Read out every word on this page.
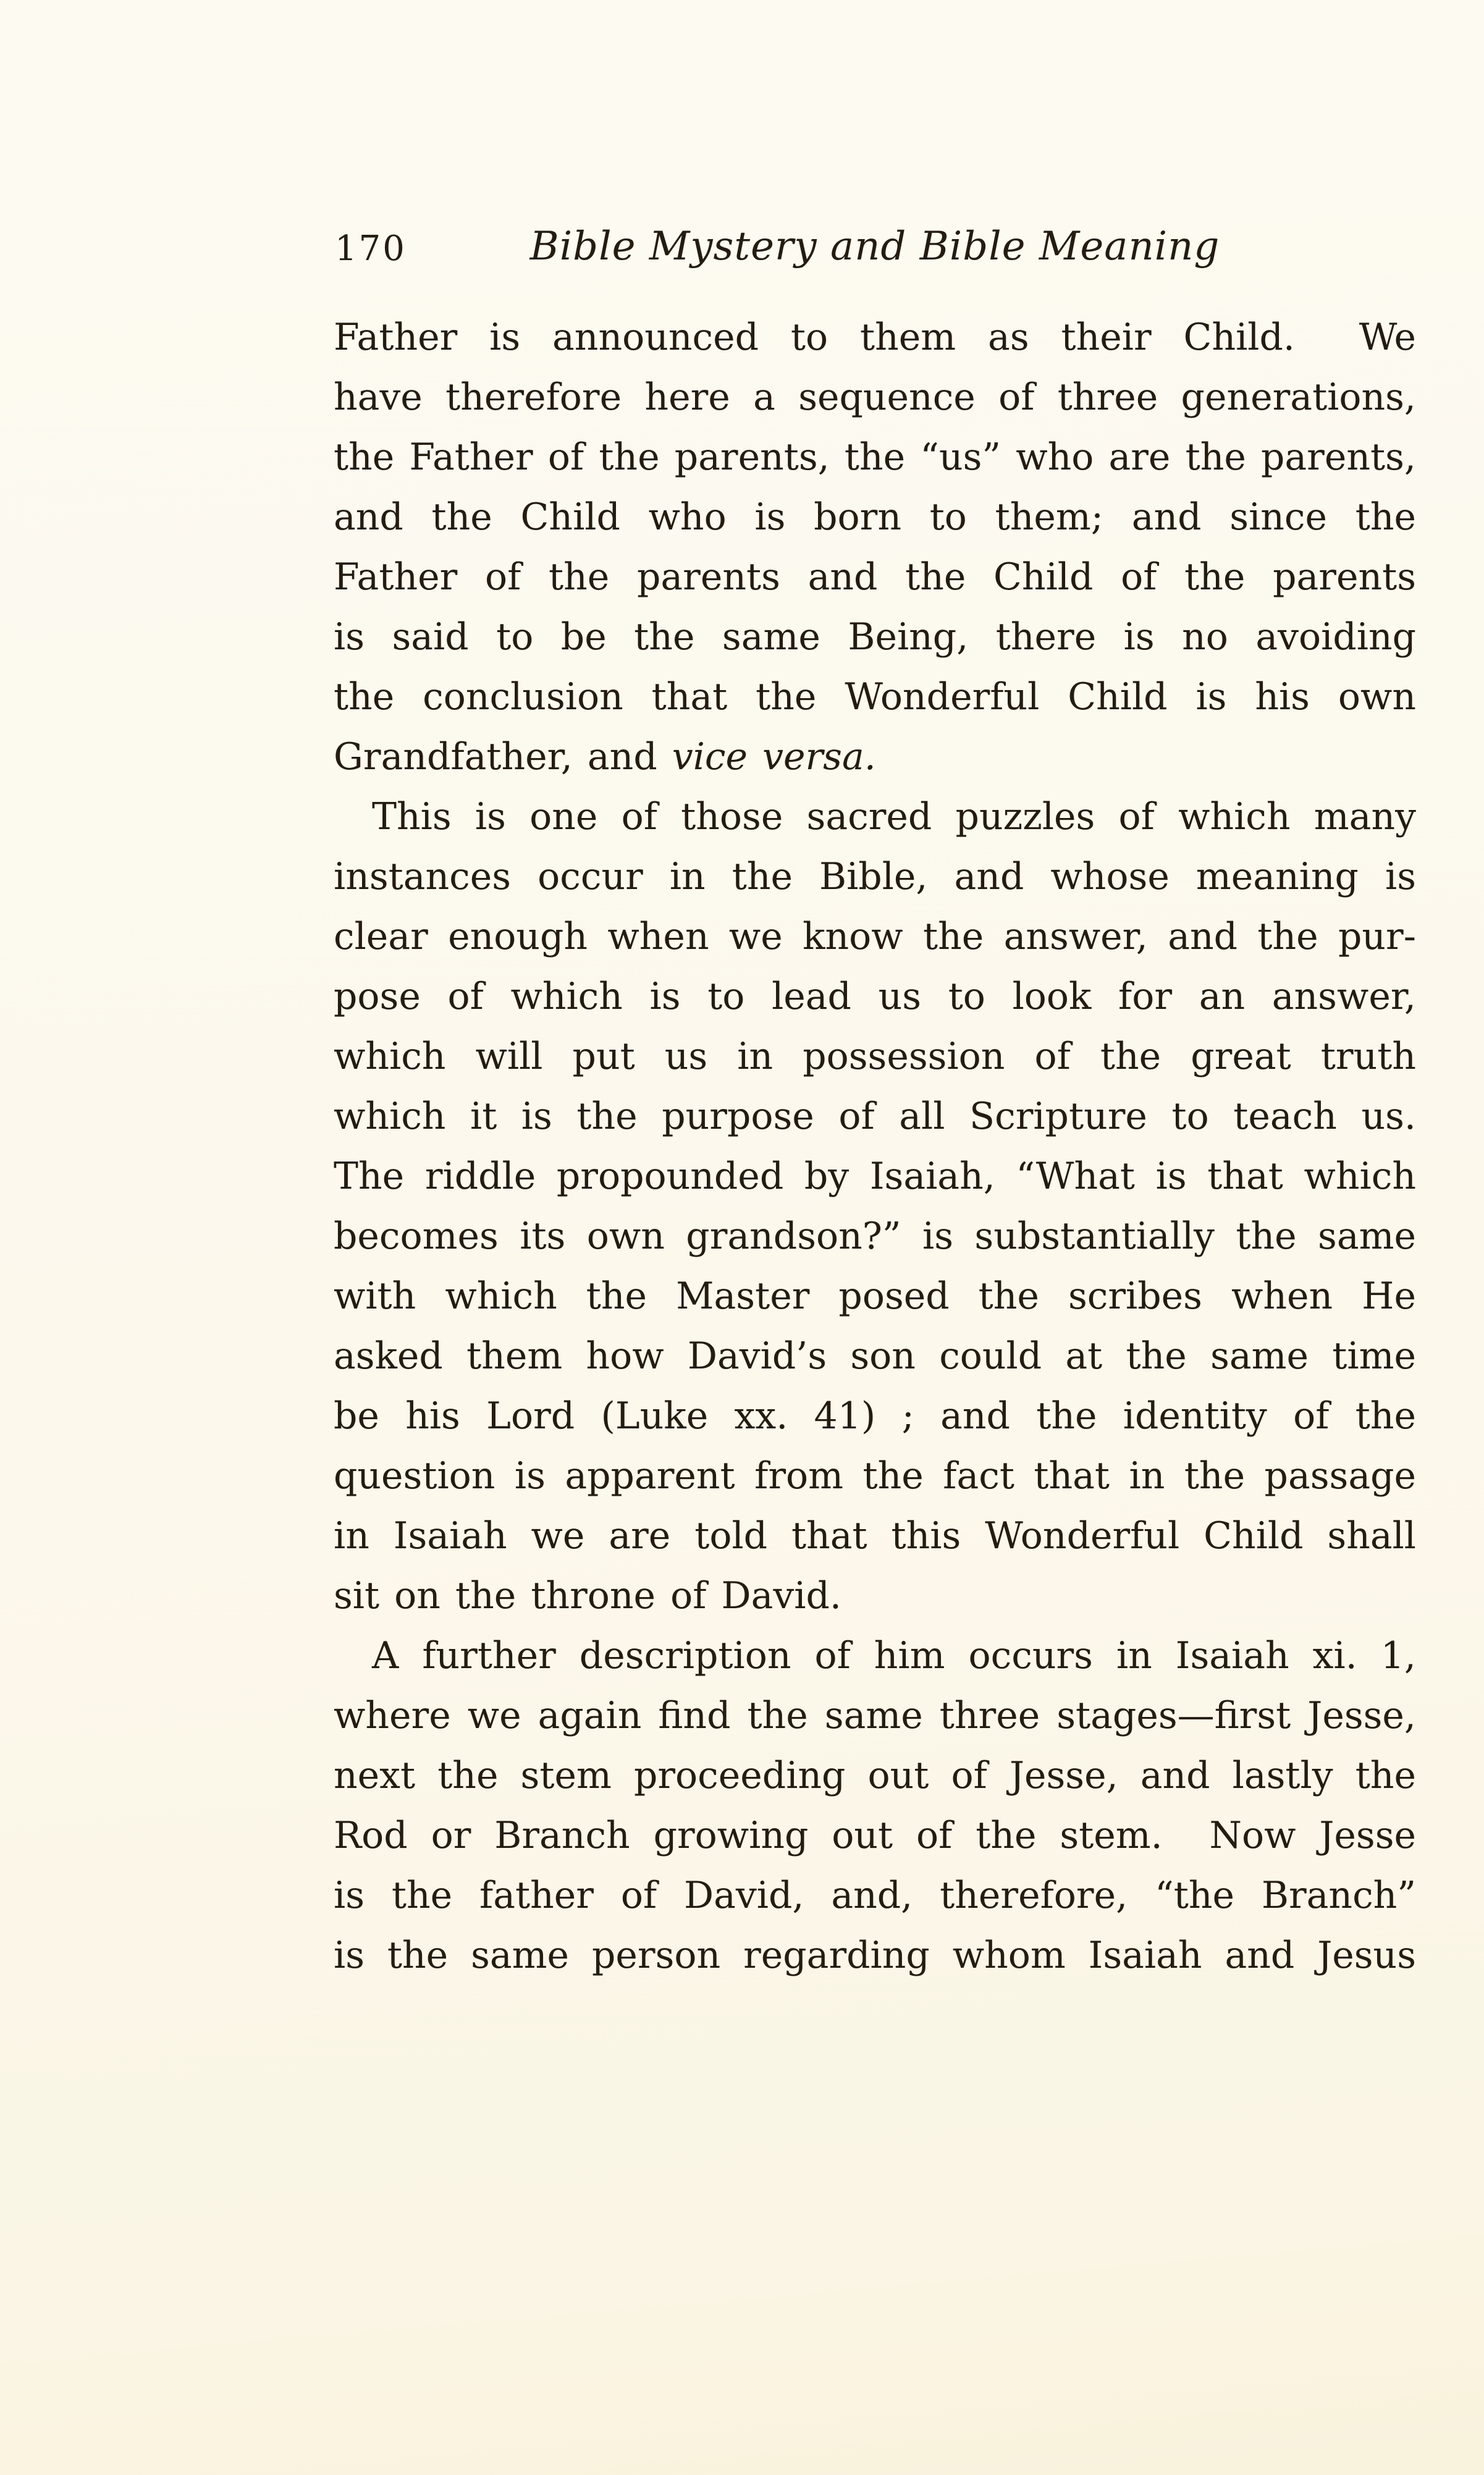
170	Bible Mystery and Bible Meaning
Father is announced to them as their Child.  We
have therefore here a sequence of three generations,
the Father of the parents, the “us” who are the parents,
and the Child who is born to them; and since the
Father of the parents and the Child of the parents
is said to be the same Being, there is no avoiding
the conclusion that the Wonderful Child is his own
Grandfather, and vice versa.
This is one of those sacred puzzles of which many
instances occur in the Bible, and whose meaning is
clear enough when we know the answer, and the pur-
pose of which is to lead us to look for an answer,
which will put us in possession of the great truth
which it is the purpose of all Scripture to teach us.
The riddle propounded by Isaiah, “What is that which
becomes its own grandson?” is substantially the same
with which the Master posed the scribes when He
asked them how David’s son could at the same time
be his Lord (Luke xx. 41) ; and the identity of the
question is apparent from the fact that in the passage
in Isaiah we are told that this Wonderful Child shall
sit on the throne of David.
A further description of him occurs in Isaiah xi. 1,
where we again find the same three stages—first Jesse,
next the stem proceeding out of Jesse, and lastly the
Rod or Branch growing out of the stem.  Now Jesse
is the father of David, and, therefore, “the Branch”
is the same person regarding whom Isaiah and Jesus
